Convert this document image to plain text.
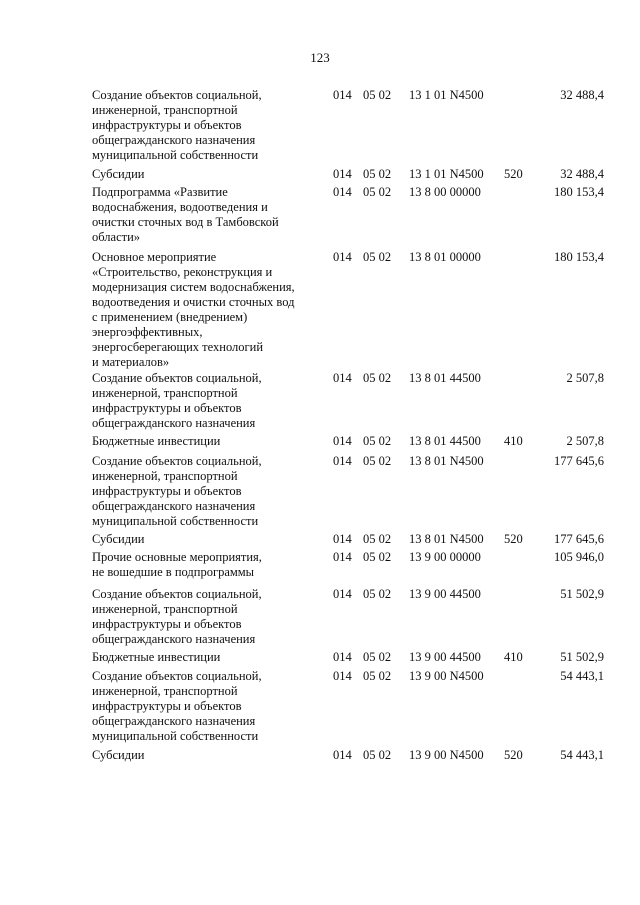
123
Создание объектов социальной,
инженерной, транспортной
инфраструктуры и объектов
общегражданского назначения
муниципальной собственности
014 05 02 13 1 01 N4500	32 488,4
Субсидии	014 05 02 13 1 01 N4500 520	32 488,4
Подпрограмма «Развитие
водоснабжения, водоотведения и
очистки сточных вод в Тамбовской
области»
014 05 02 13 8 00 00000	180 153,4
Основное мероприятие
«Строительство, реконструкция и
модернизация систем водоснабжения,
водоотведения и очистки сточных вод
с применением (внедрением)
энергоэффективных,
энергосберегающих технологий
и материалов»
014 05 02 13 8 01 00000	180 153,4
Создание объектов социальной,
инженерной, транспортной
инфраструктуры и объектов
общегражданского назначения
014 05 02 13 8 01 44500	2 507,8
Бюджетные инвестиции	014 05 02 13 8 01 44500 410	2 507,8
Создание объектов социальной,
инженерной, транспортной
инфраструктуры и объектов
общегражданского назначения
муниципальной собственности
014 05 02 13 8 01 N4500	177 645,6
Субсидии	014 05 02 13 8 01 N4500 520	177 645,6
Прочие основные мероприятия,
не вошедшие в подпрограммы
014 05 02 13 9 00 00000	105 946,0
Создание объектов социальной,
инженерной, транспортной
инфраструктуры и объектов
общегражданского назначения
014 05 02 13 9 00 44500	51 502,9
Бюджетные инвестиции	014 05 02 13 9 00 44500 410	51 502,9
Создание объектов социальной,
инженерной, транспортной
инфраструктуры и объектов
общегражданского назначения
муниципальной собственности
014 05 02 13 9 00 N4500	54 443,1
Субсидии	014 05 02 13 9 00 N4500 520	54 443,1
